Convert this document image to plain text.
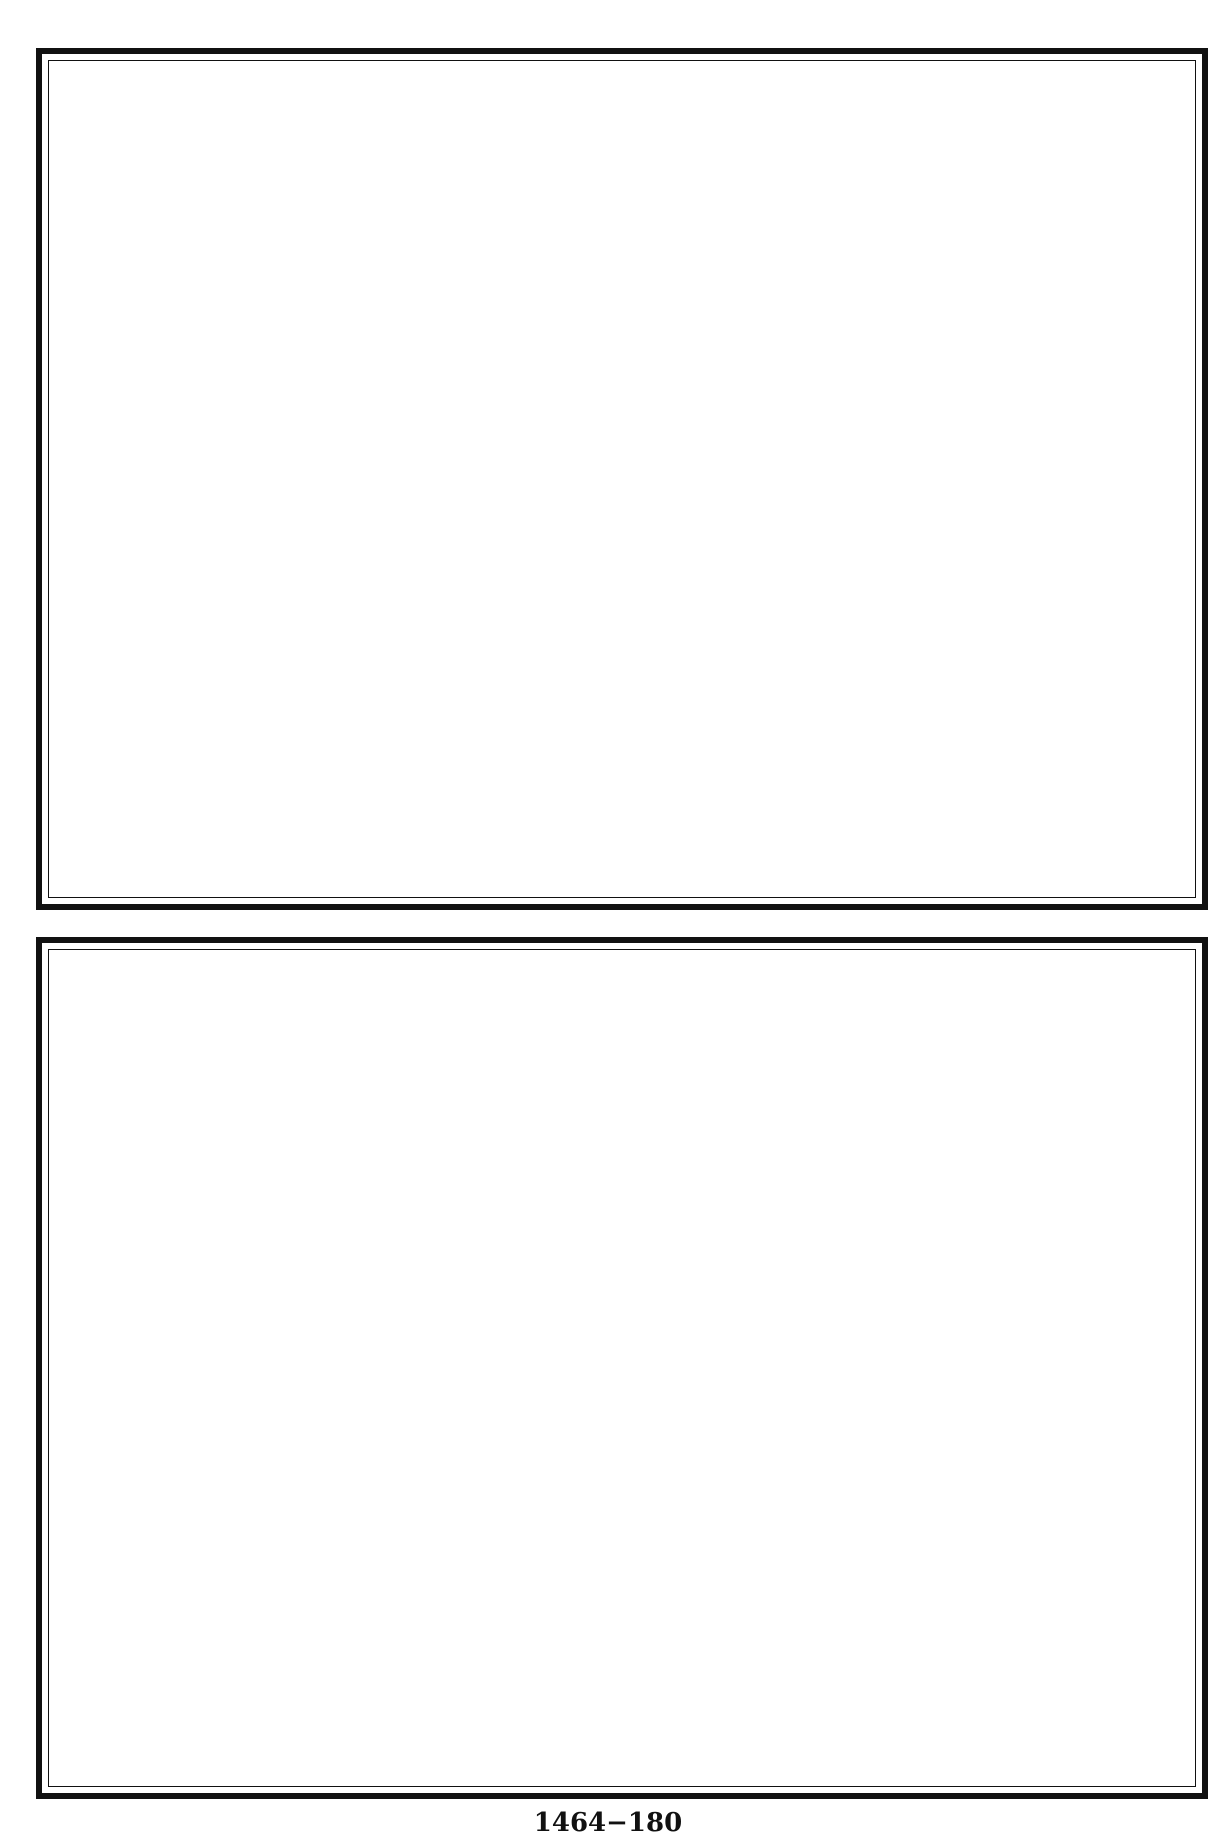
1464−180
